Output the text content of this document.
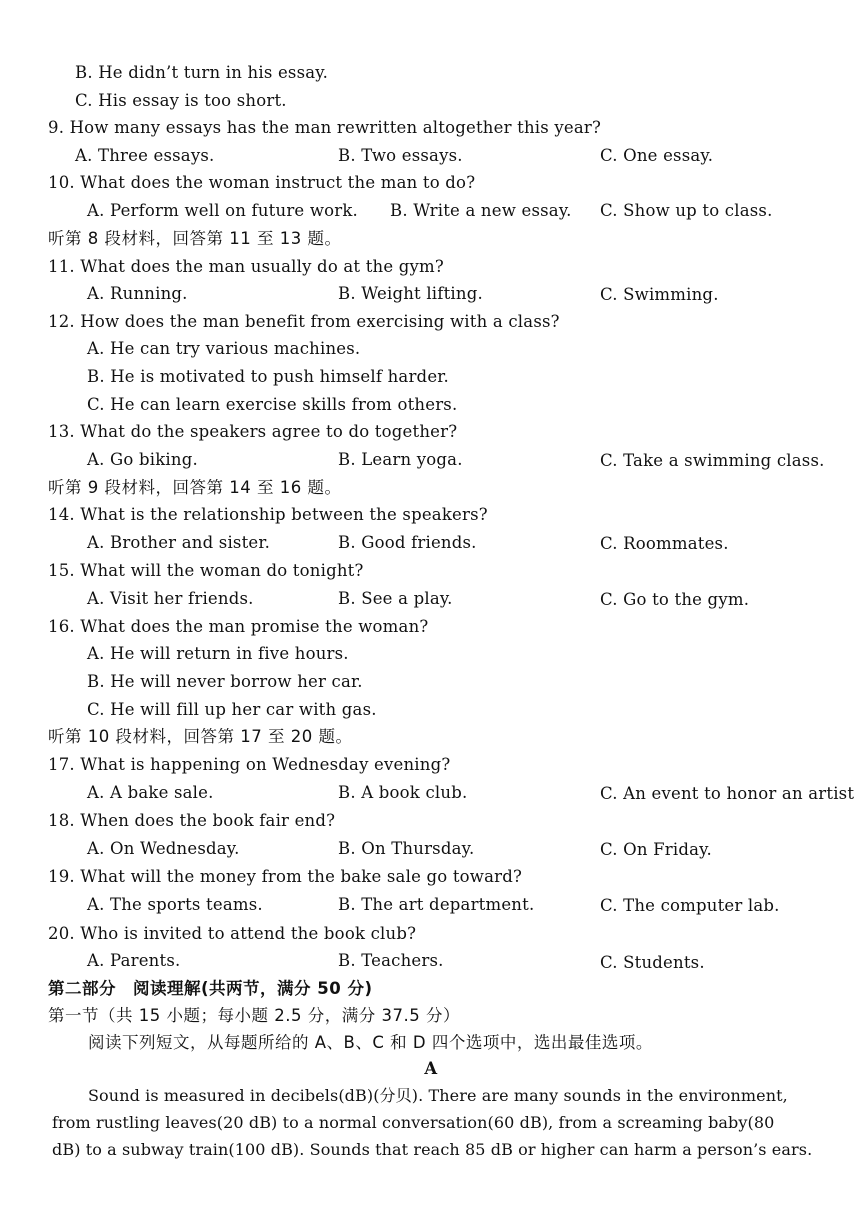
B. He didn’t turn in his essay.
C. His essay is too short.
9. How many essays has the man rewritten altogether this year?
A. Three essays.	B. Two essays.	C. One essay.
10. What does the woman instruct the man to do?
A. Perform well on future work. B. Write a new essay. C. Show up to class.
听第 8 段材料，回答第 11 至 13 题。
11. What does the man usually do at the gym?
A. Running.	B. Weight lifting.	C. Swimming.
12. How does the man benefit from exercising with a class?
A. He can try various machines.
B. He is motivated to push himself harder.
C. He can learn exercise skills from others.
13. What do the speakers agree to do together?
A. Go biking.	B. Learn yoga.	C. Take a swimming class.
听第 9 段材料，回答第 14 至 16 题。
14. What is the relationship between the speakers?
A. Brother and sister.	B. Good friends.	C. Roommates.
15. What will the woman do tonight?
A. Visit her friends.	B. See a play.	C. Go to the gym.
16. What does the man promise the woman?
A. He will return in five hours.
B. He will never borrow her car.
C. He will fill up her car with gas.
听第 10 段材料，回答第 17 至 20 题。
17. What is happening on Wednesday evening?
A. A bake sale.	B. A book club.	C. An event to honor an artist
18. When does the book fair end?
A. On Wednesday.	B. On Thursday.	C. On Friday.
19. What will the money from the bake sale go toward?
A. The sports teams.	B. The art department.	C. The computer lab.
20. Who is invited to attend the book club?
A. Parents.	B. Teachers.	C. Students.
第二部分　阅读理解(共两节，满分 50 分)
第一节（共 15 小题；每小题 2.5 分，满分 37.5 分）
阅读下列短文，从每题所给的 A、B、C 和 D 四个选项中，选出最佳选项。
A
Sound is measured in decibels(dB)(分贝). There are many sounds in the environment,
from rustling leaves(20 dB) to a normal conversation(60 dB), from a screaming baby(80
dB) to a subway train(100 dB). Sounds that reach 85 dB or higher can harm a person’s ears.
